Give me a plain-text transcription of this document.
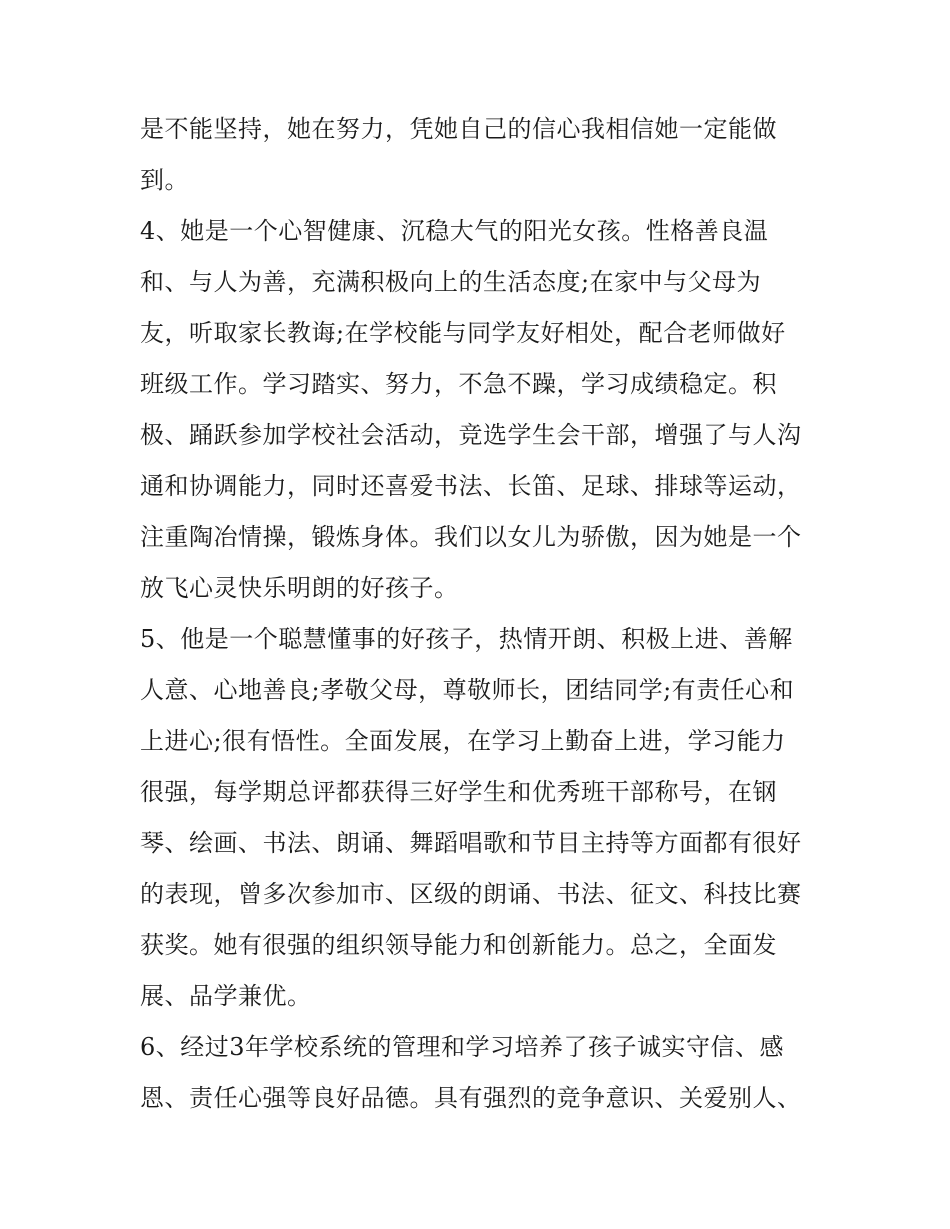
是不能坚持，她在努力，凭她自己的信心我相信她一定能做
到。
4、她是一个心智健康、沉稳大气的阳光女孩。性格善良温
和、与人为善，充满积极向上的生活态度;在家中与父母为
友，听取家长教诲;在学校能与同学友好相处，配合老师做好
班级工作。学习踏实、努力，不急不躁，学习成绩稳定。积
极、踊跃参加学校社会活动，竞选学生会干部，增强了与人沟
通和协调能力，同时还喜爱书法、长笛、足球、排球等运动，
注重陶冶情操，锻炼身体。我们以女儿为骄傲，因为她是一个
放飞心灵快乐明朗的好孩子。
5、他是一个聪慧懂事的好孩子，热情开朗、积极上进、善解
人意、心地善良;孝敬父母，尊敬师长，团结同学;有责任心和
上进心;很有悟性。全面发展，在学习上勤奋上进，学习能力
很强，每学期总评都获得三好学生和优秀班干部称号，在钢
琴、绘画、书法、朗诵、舞蹈唱歌和节目主持等方面都有很好
的表现，曾多次参加市、区级的朗诵、书法、征文、科技比赛
获奖。她有很强的组织领导能力和创新能力。总之，全面发
展、品学兼优。
6、经过3年学校系统的管理和学习培养了孩子诚实守信、感
恩、责任心强等良好品德。具有强烈的竞争意识、关爱别人、
